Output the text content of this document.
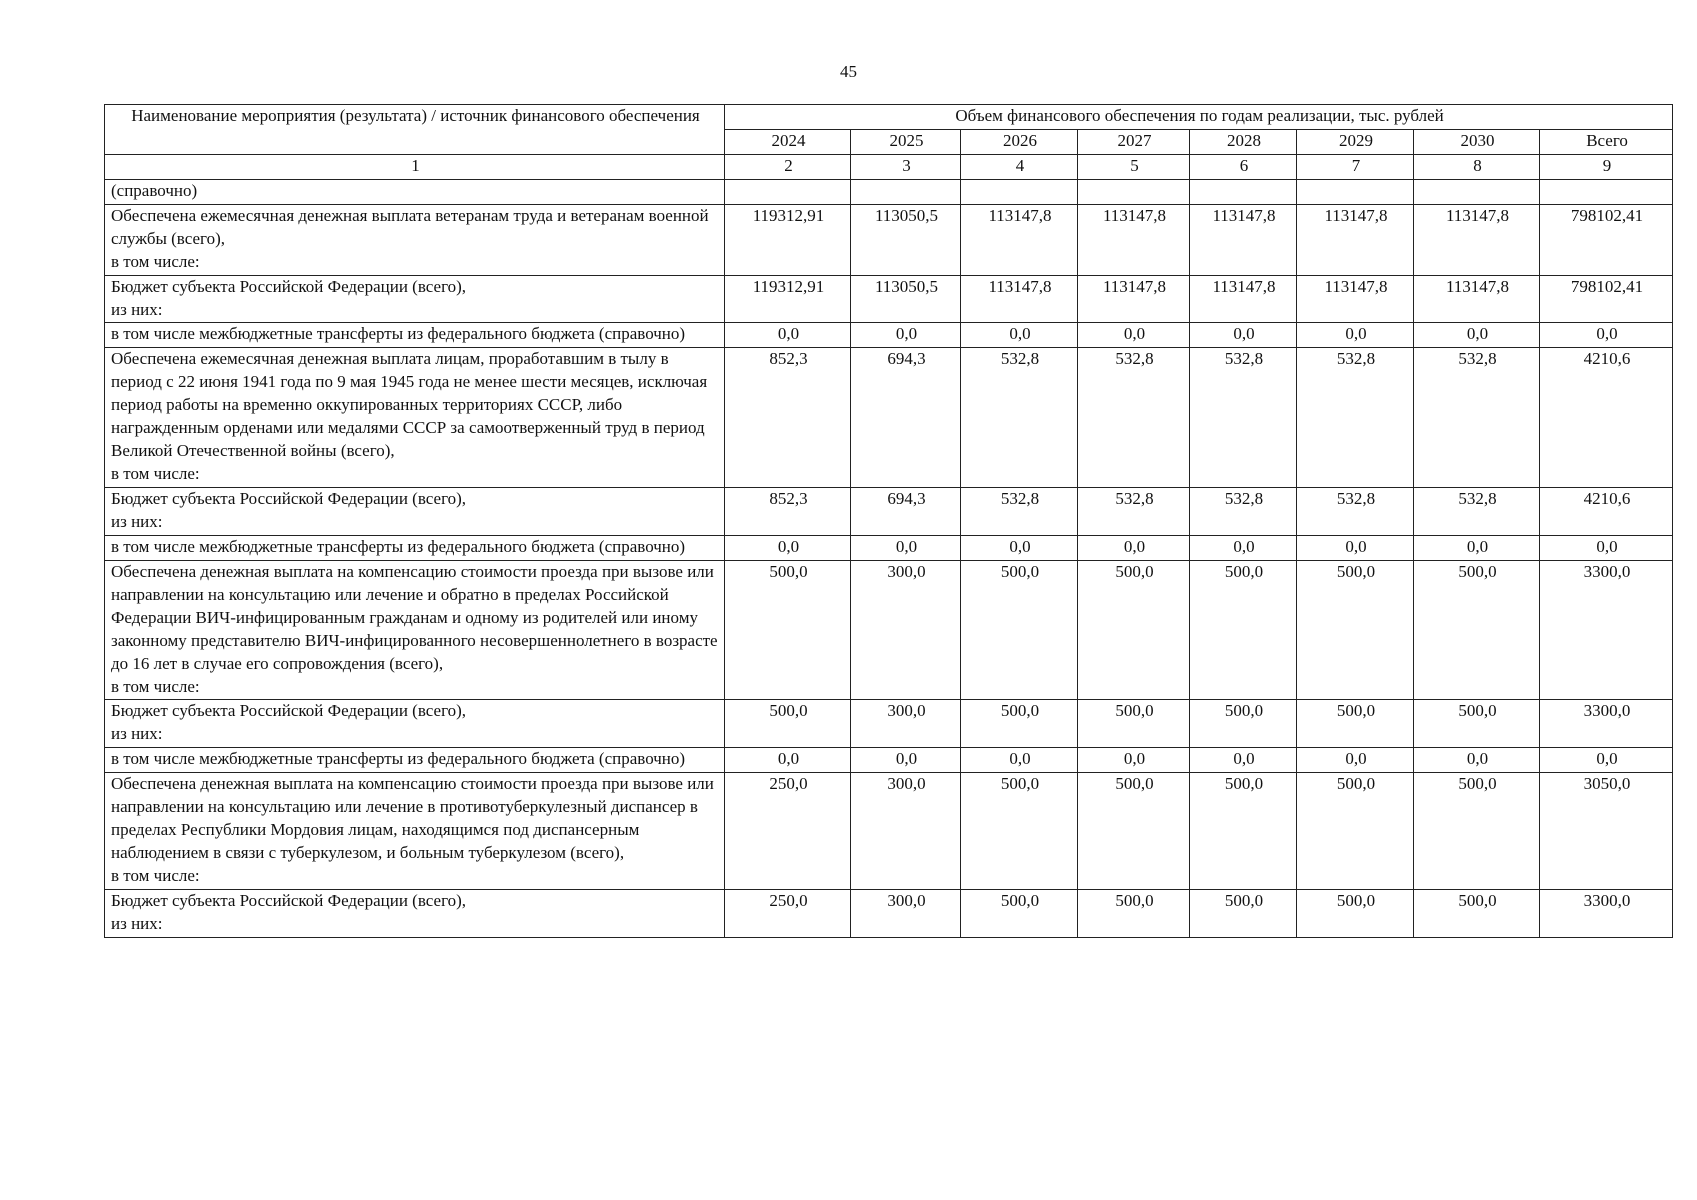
45
Наименование мероприятия (результата) / источник финансового обеспечения	Объем финансового обеспечения по годам реализации, тыс. рублей							
	2024	2025	2026	2027	2028	2029	2030	Всего
1	2	3	4	5	6	7	8	9

(справочно)								

Обеспечена ежемесячная денежная выплата ветеранам труда и ветеранам военной службы (всего),
в том числе:	119312,91	113050,5	113147,8	113147,8	113147,8	113147,8	113147,8	798102,41

Бюджет субъекта Российской Федерации (всего),
из них:	119312,91	113050,5	113147,8	113147,8	113147,8	113147,8	113147,8	798102,41

в том числе межбюджетные трансферты из федерального бюджета (справочно)	0,0	0,0	0,0	0,0	0,0	0,0	0,0	0,0

Обеспечена ежемесячная денежная выплата лицам, проработавшим в тылу в период с 22 июня 1941 года по 9 мая 1945 года не менее шести месяцев, исключая период работы на временно оккупированных территориях СССР, либо награжденным орденами или медалями СССР за самоотверженный труд в период Великой Отечественной войны (всего),
в том числе:	852,3	694,3	532,8	532,8	532,8	532,8	532,8	4210,6

Бюджет субъекта Российской Федерации (всего),
из них:	852,3	694,3	532,8	532,8	532,8	532,8	532,8	4210,6

в том числе межбюджетные трансферты из федерального бюджета (справочно)	0,0	0,0	0,0	0,0	0,0	0,0	0,0	0,0

Обеспечена денежная выплата на компенсацию стоимости проезда при вызове или направлении на консультацию или лечение и обратно в пределах Российской Федерации ВИЧ-инфицированным гражданам и одному из родителей или иному законному представителю ВИЧ-инфицированного несовершеннолетнего в возрасте до 16 лет в случае его сопровождения (всего),
в том числе:	500,0	300,0	500,0	500,0	500,0	500,0	500,0	3300,0

Бюджет субъекта Российской Федерации (всего),
из них:	500,0	300,0	500,0	500,0	500,0	500,0	500,0	3300,0

в том числе межбюджетные трансферты из федерального бюджета (справочно)	0,0	0,0	0,0	0,0	0,0	0,0	0,0	0,0

Обеспечена денежная выплата на компенсацию стоимости проезда при вызове или направлении на консультацию или лечение в противотуберкулезный диспансер в пределах Республики Мордовия лицам, находящимся под диспансерным наблюдением в связи с туберкулезом, и больным туберкулезом (всего),
в том числе:	250,0	300,0	500,0	500,0	500,0	500,0	500,0	3050,0

Бюджет субъекта Российской Федерации (всего),
из них:	250,0	300,0	500,0	500,0	500,0	500,0	500,0	3300,0
